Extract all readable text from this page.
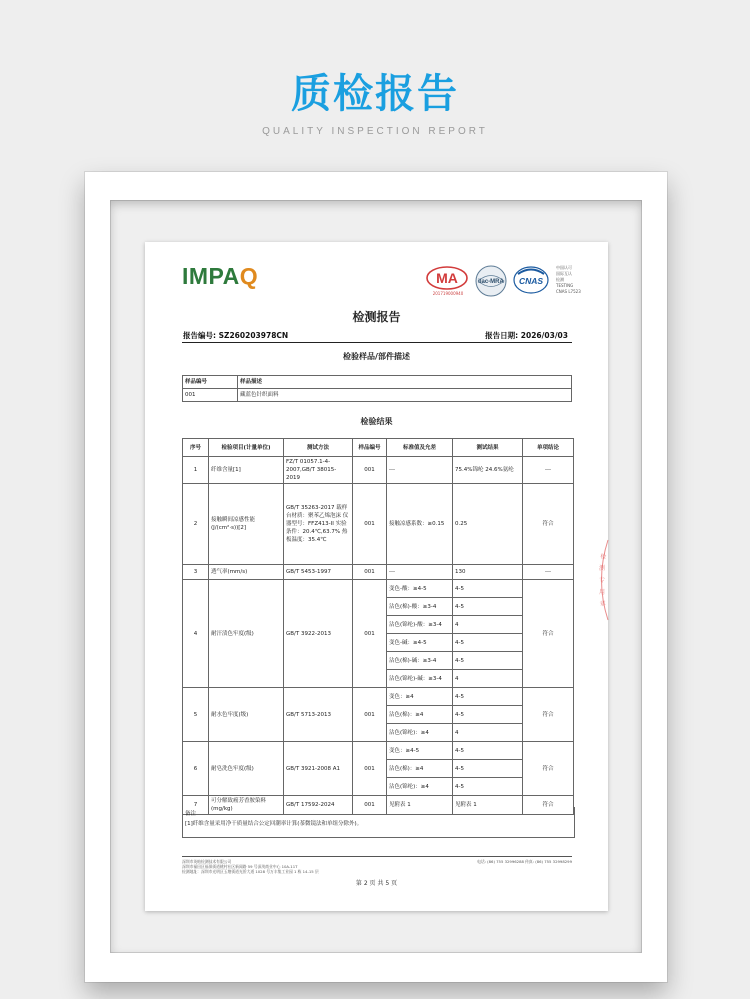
质检报告
QUALITY INSPECTION REPORT
IMPAQ	MA
201719000940
ilac-MRA CNAS
中国认可
国际互认
检测
TESTING
CNAS L7523
检测报告
报告编号: SZ260203978CN	报告日期: 2026/03/03
检验样品/部件描述
样品编号	样品描述
001	藏蓝色针织面料
检验结果
序号	检验项目(计量单位)	测试方法	样品编号	标准值及允差	测试结果	单项结论
1	纤维含量[1]	FZ/T 01057.1-4-2007,GB/T 38015-2019	001	---	75.4%锦纶 24.6%氨纶	---
2	接触瞬间凉感性能(J/(cm²·s))[2]	GB/T 35263-2017 载样台材质：聚苯乙烯泡沫 仪器型号：FFZ413-II 实验条件：20.4℃,63.7% 热板温度：35.4℃	001	接触凉感系数：≥0.15	0.25	符合
3	透气率(mm/s)	GB/T 5453-1997	001	---	130	---
4	耐汗渍色牢度(级)	GB/T 3922-2013	001	变色-酸：≥4-5	4-5	符合
				沾色(棉)-酸：≥3-4	4-5	
				沾色(锦纶)-酸：≥3-4	4	
				变色-碱：≥4-5	4-5	
				沾色(棉)-碱：≥3-4	4-5	
				沾色(锦纶)-碱：≥3-4	4	
5	耐水色牢度(级)	GB/T 5713-2013	001	变色：≥4	4-5	符合
				沾色(棉)：≥4	4-5	
				沾色(锦纶)：≥4	4	
6	耐皂洗色牢度(级)	GB/T 3921-2008 A1	001	变色：≥4-5	4-5	符合
				沾色(棉)：≥4	4-5	
				沾色(锦纶)：≥4	4-5	
7	可分解致癌芳香胺染料(mg/kg)	GB/T 17592-2024	001	见附表 1	见附表 1	符合
备注
[1]纤维含量采用净干质量结合公定回潮率计算(茶微镜法和单组分除外)。
深圳市英帕检测技术有限公司
深圳市福田区福保街道桃村社区新闻路 59 号深茂商业中心 10A-11T
检测地址：深圳市光明区玉塘街道光侨大道 1028 号万丰集工业园 1 栋 14-15 层
电话: (86) 755 32996288 传真: (86) 755 32998299
第 2 页 共 5 页
检
测
专
用
章
